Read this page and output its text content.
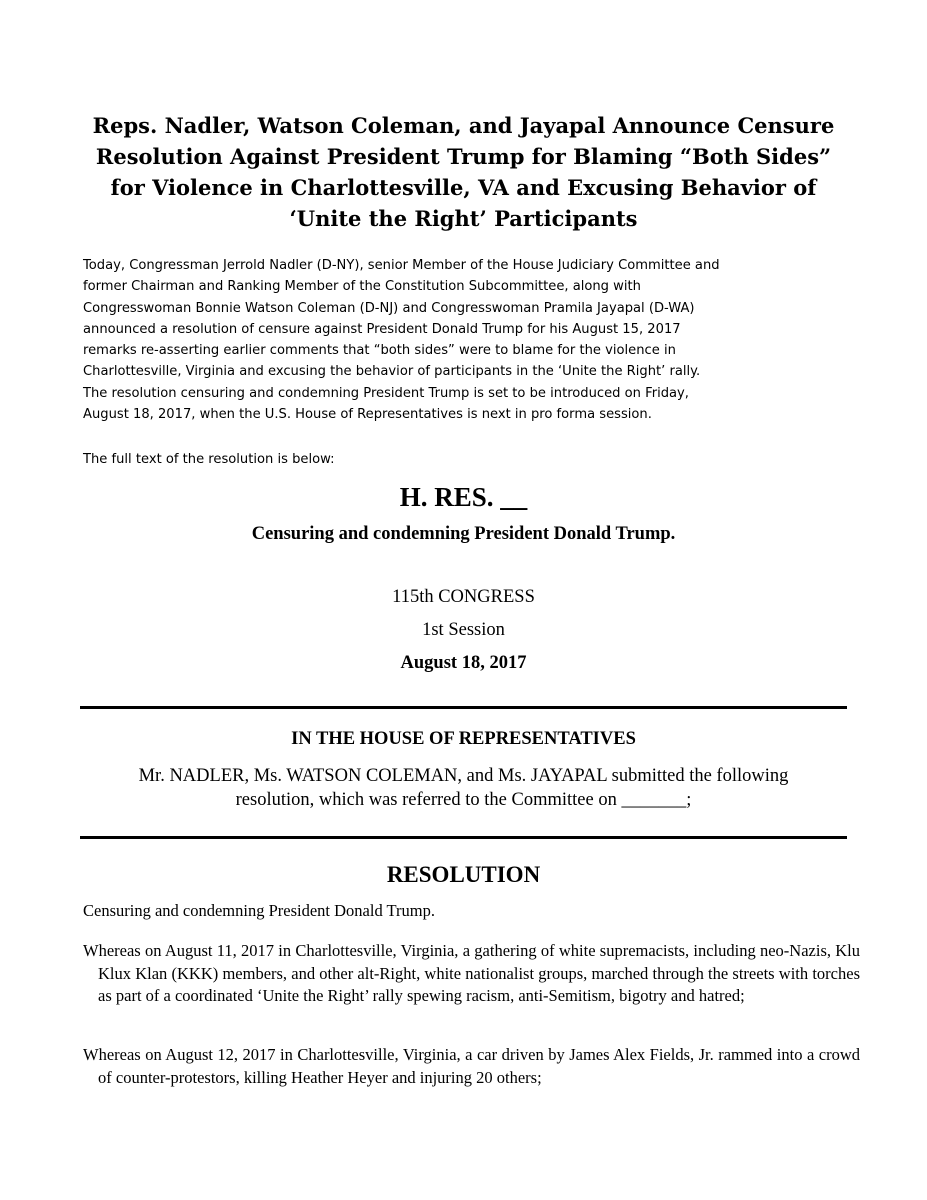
Reps. Nadler, Watson Coleman, and Jayapal Announce Censure
Resolution Against President Trump for Blaming “Both Sides”
for Violence in Charlottesville, VA and Excusing Behavior of
‘Unite the Right’ Participants

Today, Congressman Jerrold Nadler (D-NY), senior Member of the House Judiciary Committee and
former Chairman and Ranking Member of the Constitution Subcommittee, along with
Congresswoman Bonnie Watson Coleman (D-NJ) and Congresswoman Pramila Jayapal (D-WA)
announced a resolution of censure against President Donald Trump for his August 15, 2017
remarks re-asserting earlier comments that “both sides” were to blame for the violence in
Charlottesville, Virginia and excusing the behavior of participants in the ‘Unite the Right’ rally.
The resolution censuring and condemning President Trump is set to be introduced on Friday,
August 18, 2017, when the U.S. House of Representatives is next in pro forma session.

The full text of the resolution is below:

H. RES. __

Censuring and condemning President Donald Trump.

115th CONGRESS

1st Session

August 18, 2017

IN THE HOUSE OF REPRESENTATIVES

Mr. NADLER, Ms. WATSON COLEMAN, and Ms. JAYAPAL submitted the following
resolution, which was referred to the Committee on _______;

RESOLUTION

Censuring and condemning President Donald Trump.

Whereas on August 11, 2017 in Charlottesville, Virginia, a gathering of white supremacists, including neo-Nazis, Klu Klux Klan (KKK) members, and other alt-Right, white nationalist groups, marched through the streets with torches as part of a coordinated ‘Unite the Right’ rally spewing racism, anti-Semitism, bigotry and hatred;

Whereas on August 12, 2017 in Charlottesville, Virginia, a car driven by James Alex Fields, Jr. rammed into a crowd of counter-protestors, killing Heather Heyer and injuring 20 others;
